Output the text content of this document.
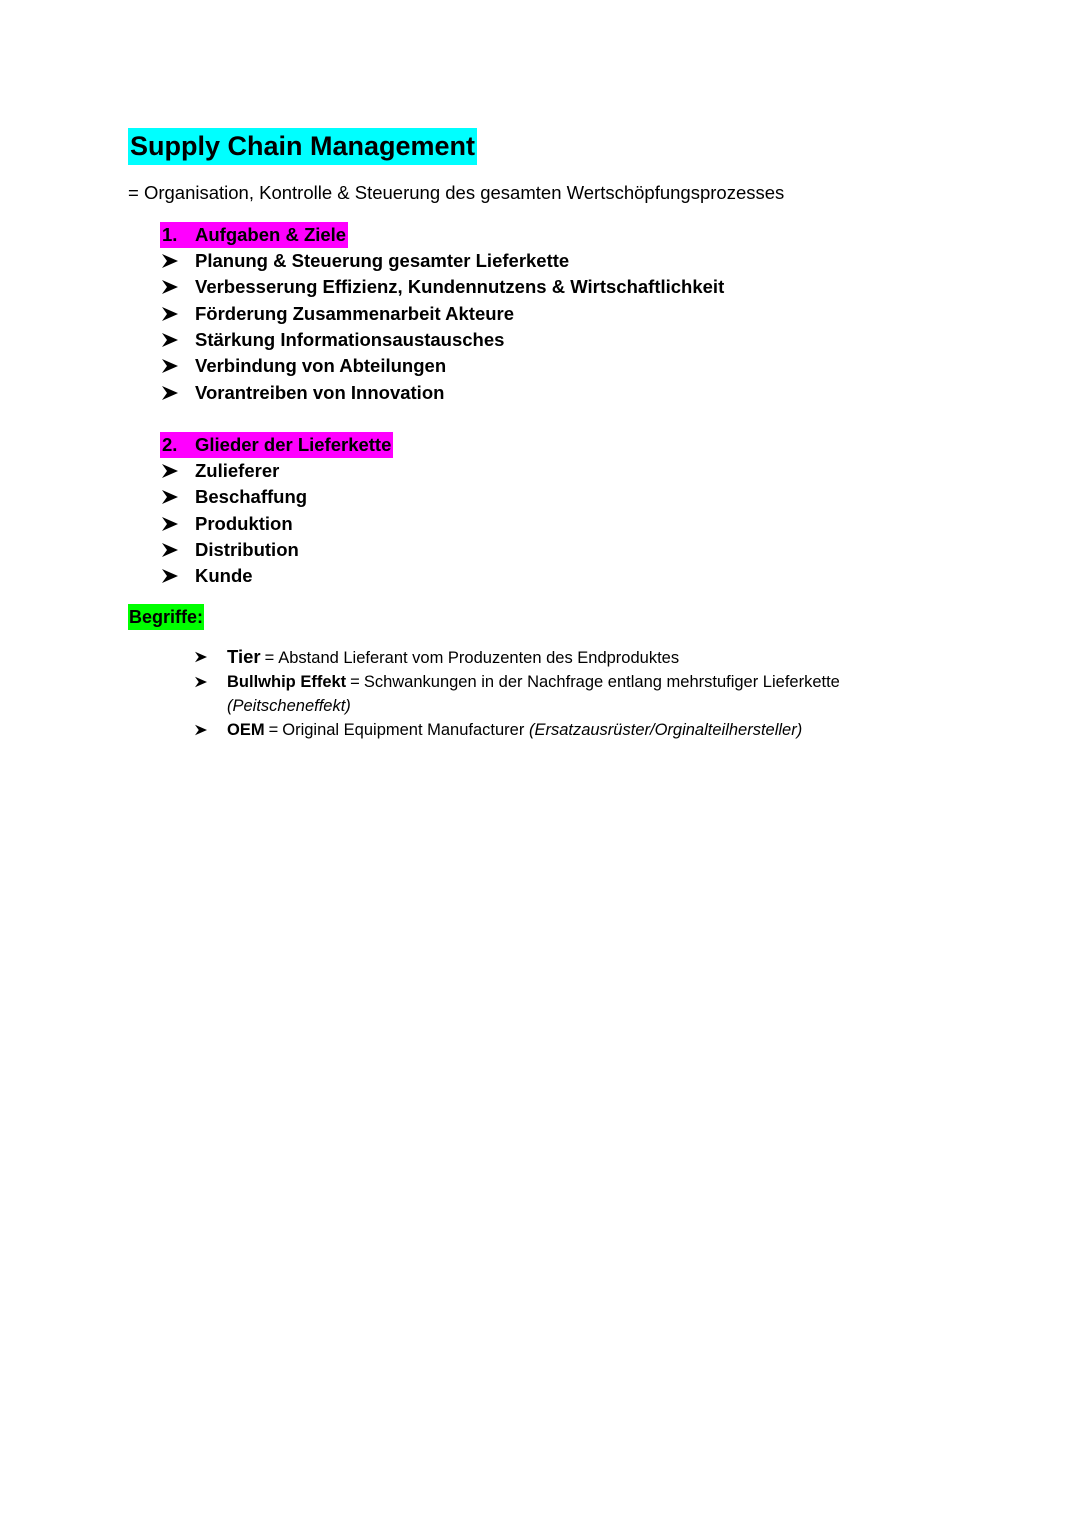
Supply Chain Management
= Organisation, Kontrolle & Steuerung des gesamten Wertschöpfungsprozesses
1. Aufgaben & Ziele
Planung & Steuerung gesamter Lieferkette
Verbesserung Effizienz, Kundennutzens & Wirtschaftlichkeit
Förderung Zusammenarbeit Akteure
Stärkung Informationsaustausches
Verbindung von Abteilungen
Vorantreiben von Innovation
2. Glieder der Lieferkette
Zulieferer
Beschaffung
Produktion
Distribution
Kunde
Begriffe:
Tier = Abstand Lieferant vom Produzenten des Endproduktes
Bullwhip Effekt = Schwankungen in der Nachfrage entlang mehrstufiger Lieferkette
(Peitscheneffekt)
OEM = Original Equipment Manufacturer (Ersatzausrüster/Orginalteilhersteller)
